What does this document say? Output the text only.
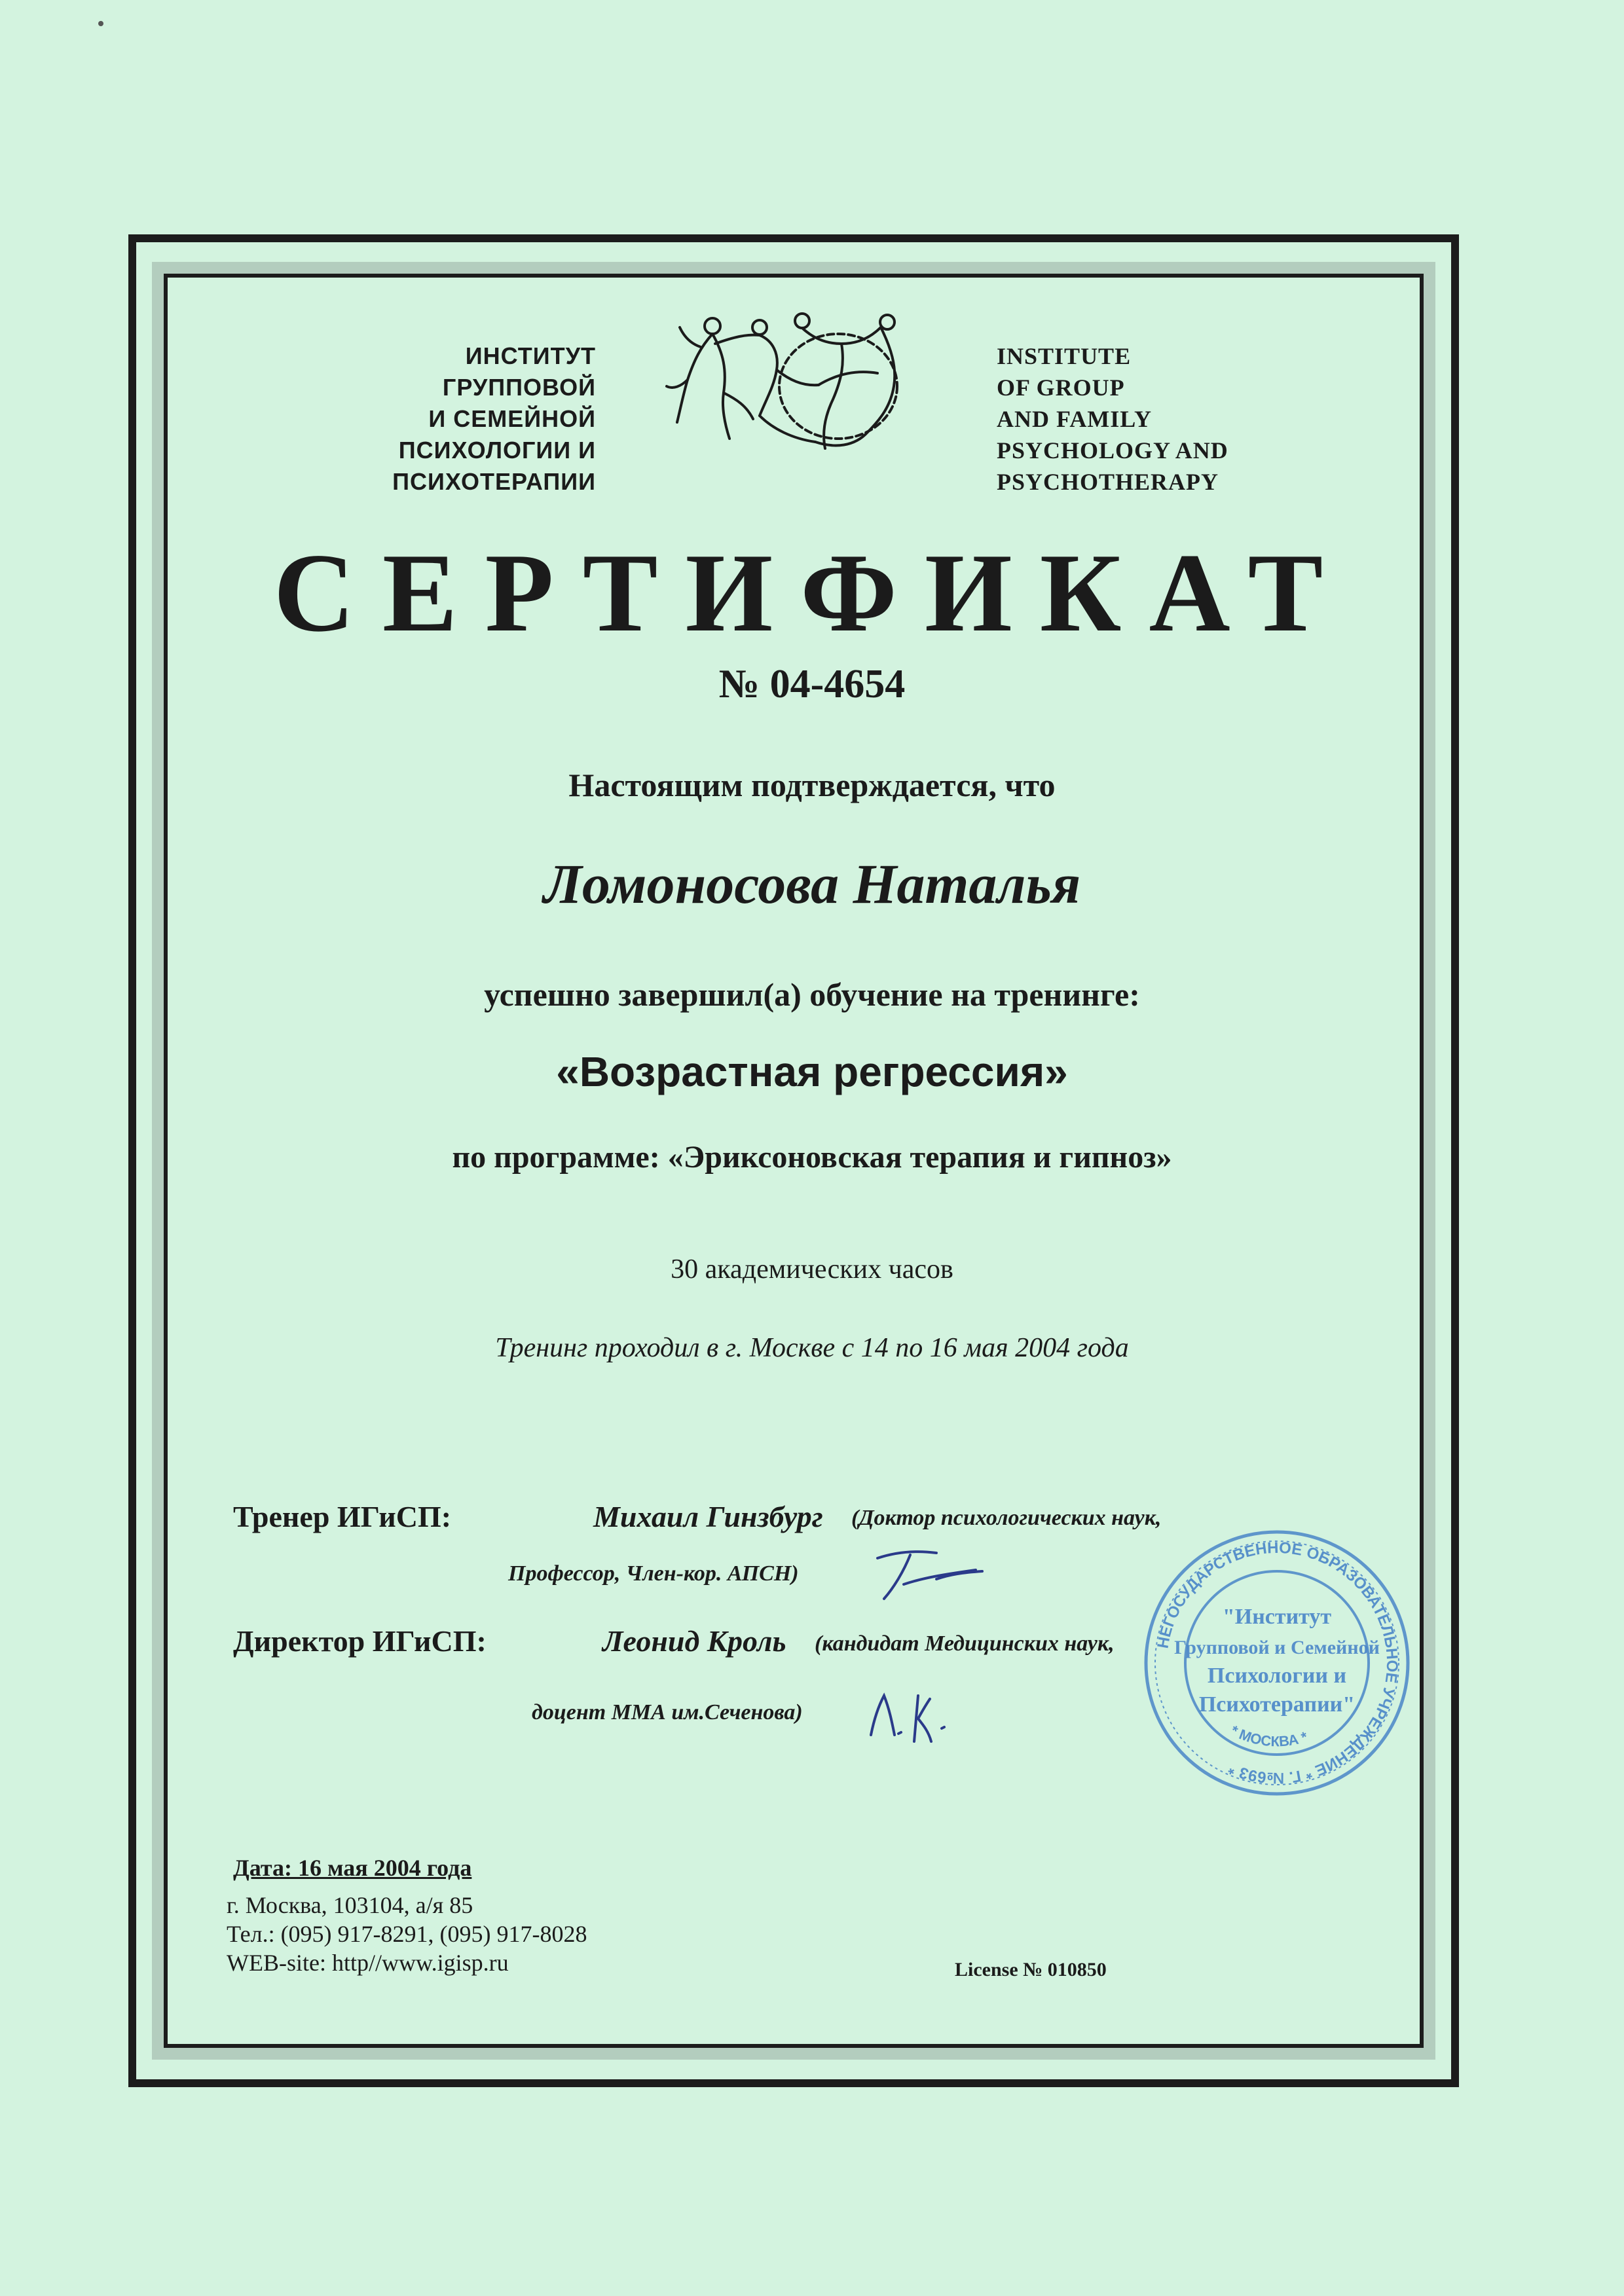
ИНСТИТУТ
ГРУППОВОЙ
И СЕМЕЙНОЙ
ПСИХОЛОГИИ И
ПСИХОТЕРАПИИ
INSTITUTE
OF GROUP
AND FAMILY
PSYCHOLOGY AND
PSYCHOTHERAPY
СЕРТИФИКАТ
№ 04-4654
Настоящим подтверждается, что
Ломоносова Наталья
успешно завершил(а) обучение на тренинге:
«Возрастная регрессия»
по программе: «Эриксоновская терапия и гипноз»
30 академических часов
Тренинг проходил в г. Москве с 14 по 16 мая 2004 года
Тренер ИГиСП:	Михаил Гинзбург (Доктор психологических наук,
Профессор, Член-кор. АПСН)
Директор ИГиСП:	Леонид Кроль (кандидат Медицинских наук,
доцент ММА им.Сеченова)
НЕГОСУДАРСТВЕННОЕ ОБРАЗОВАТЕЛЬНОЕ УЧРЕЖДЕНИЕ * Г. №693 *
* МОСКВА *
"Институт
Групповой и Семейной
Психологии и
Психотерапии"
Дата: 16 мая 2004 года
г. Москва, 103104, а/я 85
Тел.: (095) 917-8291, (095) 917-8028
WEB-site: http//www.igisp.ru	License № 010850
